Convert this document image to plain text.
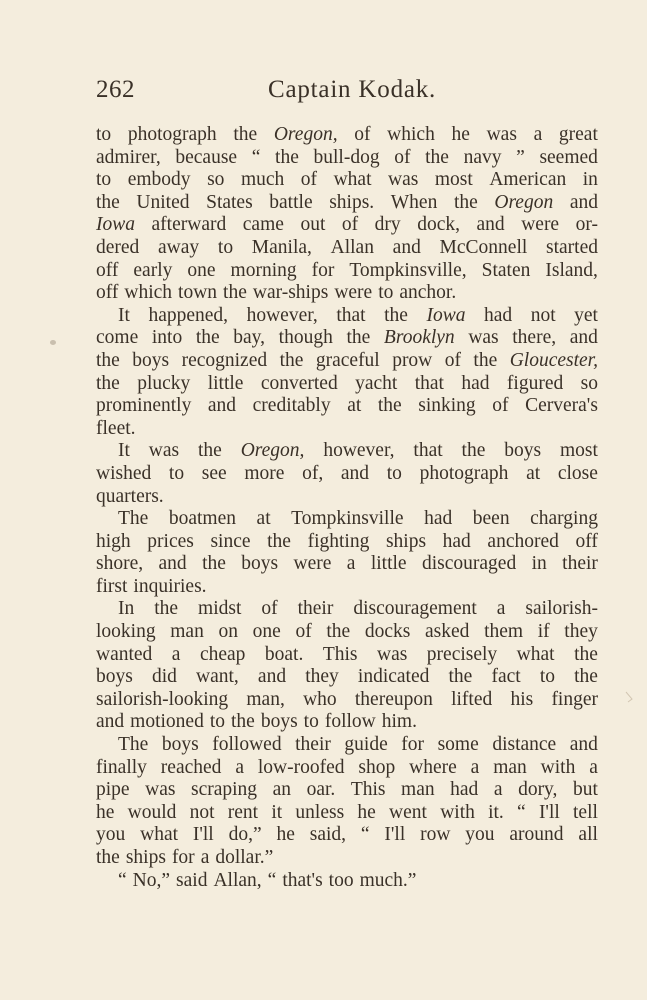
262	Captain Kodak.
to photograph the Oregon, of which he was a great
admirer, because “ the bull-dog of the navy ” seemed
to embody so much of what was most American in
the United States battle ships. When the Oregon and
Iowa afterward came out of dry dock, and were or-
dered away to Manila, Allan and McConnell started
off early one morning for Tompkinsville, Staten Island,
off which town the war-ships were to anchor.
It happened, however, that the Iowa had not yet
come into the bay, though the Brooklyn was there, and
the boys recognized the graceful prow of the Gloucester,
the plucky little converted yacht that had figured so
prominently and creditably at the sinking of Cervera's
fleet.
It was the Oregon, however, that the boys most
wished to see more of, and to photograph at close
quarters.
The boatmen at Tompkinsville had been charging
high prices since the fighting ships had anchored off
shore, and the boys were a little discouraged in their
first inquiries.
In the midst of their discouragement a sailorish-
looking man on one of the docks asked them if they
wanted a cheap boat. This was precisely what the
boys did want, and they indicated the fact to the
sailorish-looking man, who thereupon lifted his finger
and motioned to the boys to follow him.
The boys followed their guide for some distance and
finally reached a low-roofed shop where a man with a
pipe was scraping an oar. This man had a dory, but
he would not rent it unless he went with it. “ I'll tell
you what I'll do,” he said, “ I'll row you around all
the ships for a dollar.”
“ No,” said Allan, “ that's too much.”
